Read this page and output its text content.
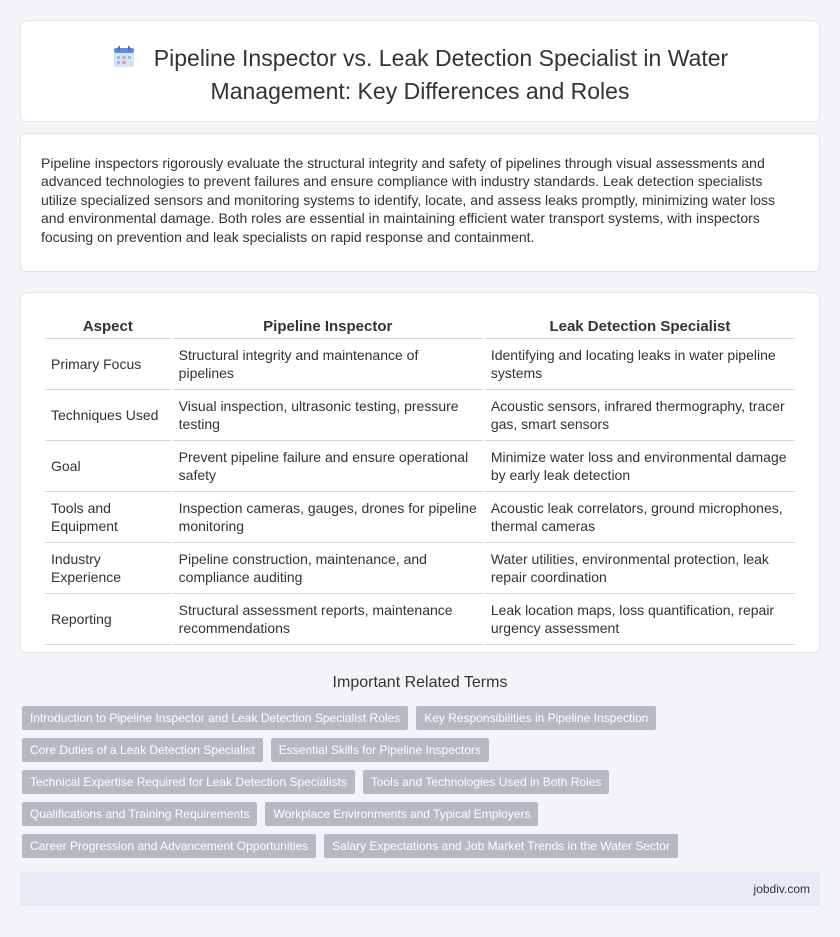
Pipeline Inspector vs. Leak Detection Specialist in Water Management: Key Differences and Roles

Pipeline inspectors rigorously evaluate the structural integrity and safety of pipelines through visual assessments and advanced technologies to prevent failures and ensure compliance with industry standards. Leak detection specialists utilize specialized sensors and monitoring systems to identify, locate, and assess leaks promptly, minimizing water loss and environmental damage. Both roles are essential in maintaining efficient water transport systems, with inspectors focusing on prevention and leak specialists on rapid response and containment.

Aspect	Pipeline Inspector	Leak Detection Specialist
Primary Focus	Structural integrity and maintenance of pipelines	Identifying and locating leaks in water pipeline systems
Techniques Used	Visual inspection, ultrasonic testing, pressure testing	Acoustic sensors, infrared thermography, tracer gas, smart sensors
Goal	Prevent pipeline failure and ensure operational safety	Minimize water loss and environmental damage by early leak detection
Tools and Equipment	Inspection cameras, gauges, drones for pipeline monitoring	Acoustic leak correlators, ground microphones, thermal cameras
Industry Experience	Pipeline construction, maintenance, and compliance auditing	Water utilities, environmental protection, leak repair coordination
Reporting	Structural assessment reports, maintenance recommendations	Leak location maps, loss quantification, repair urgency assessment
Important Related Terms
Introduction to Pipeline Inspector and Leak Detection Specialist Roles	Key Responsibilities in Pipeline Inspection
Core Duties of a Leak Detection Specialist	Essential Skills for Pipeline Inspectors
Technical Expertise Required for Leak Detection Specialists	Tools and Technologies Used in Both Roles
Qualifications and Training Requirements	Workplace Environments and Typical Employers
Career Progression and Advancement Opportunities	Salary Expectations and Job Market Trends in the Water Sector
jobdiv.com
